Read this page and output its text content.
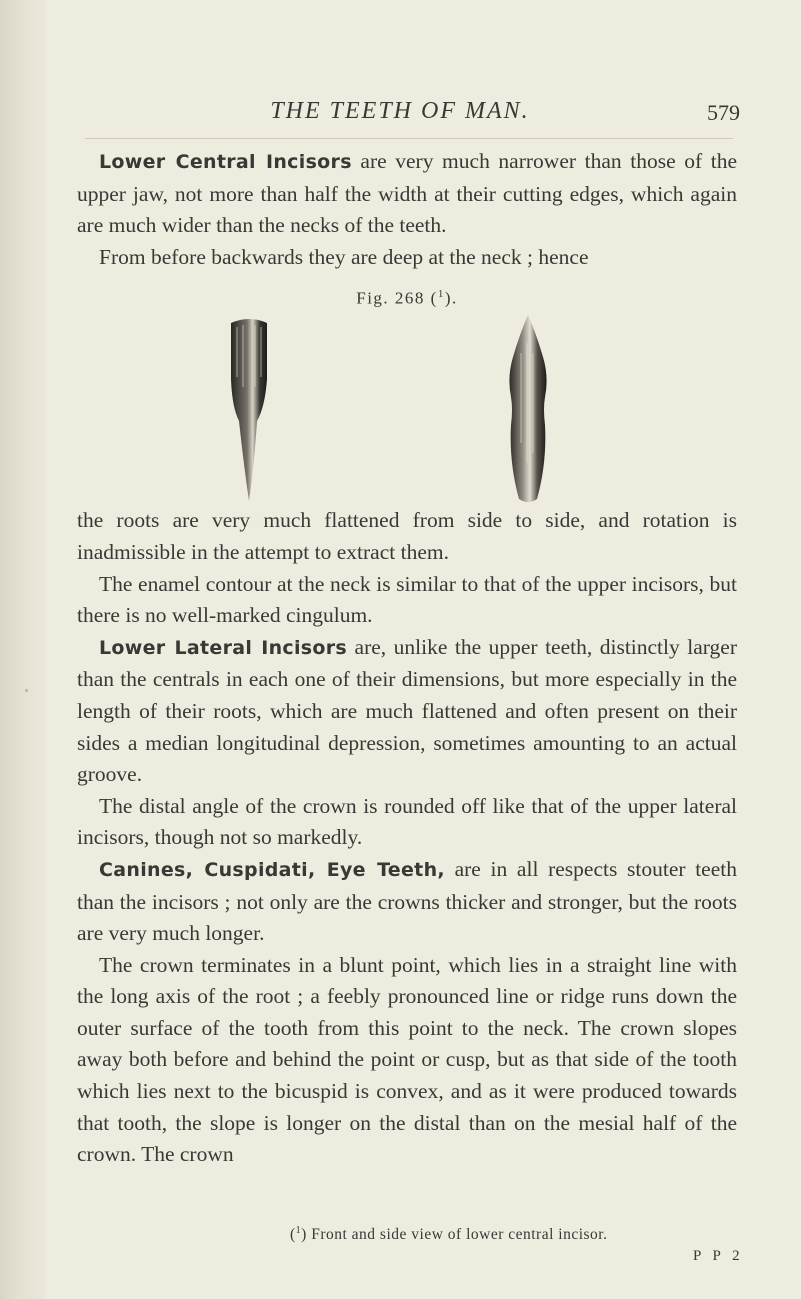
THE TEETH OF MAN.	579

Lower Central Incisors are very much narrower than those of the upper jaw, not more than half the width at their cutting edges, which again are much wider than the necks of the teeth.

From before backwards they are deep at the neck ; hence

Fig. 268 ($^1$).

the roots are very much flattened from side to side, and rotation is inadmissible in the attempt to extract them.

The enamel contour at the neck is similar to that of the upper incisors, but there is no well-marked cingulum.

Lower Lateral Incisors are, unlike the upper teeth, distinctly larger than the centrals in each one of their dimensions, but more especially in the length of their roots, which are much flattened and often present on their sides a median longitudinal depression, sometimes amounting to an actual groove.

The distal angle of the crown is rounded off like that of the upper lateral incisors, though not so markedly.

Canines, Cuspidati, Eye Teeth, are in all respects stouter teeth than the incisors ; not only are the crowns thicker and stronger, but the roots are very much longer.

The crown terminates in a blunt point, which lies in a straight line with the long axis of the root ; a feebly pronounced line or ridge runs down the outer surface of the tooth from this point to the neck. The crown slopes away both before and behind the point or cusp, but as that side of the tooth which lies next to the bicuspid is convex, and as it were produced towards that tooth, the slope is longer on the distal than on the mesial half of the crown. The crown

($^1$) Front and side view of lower central incisor.
P P 2
